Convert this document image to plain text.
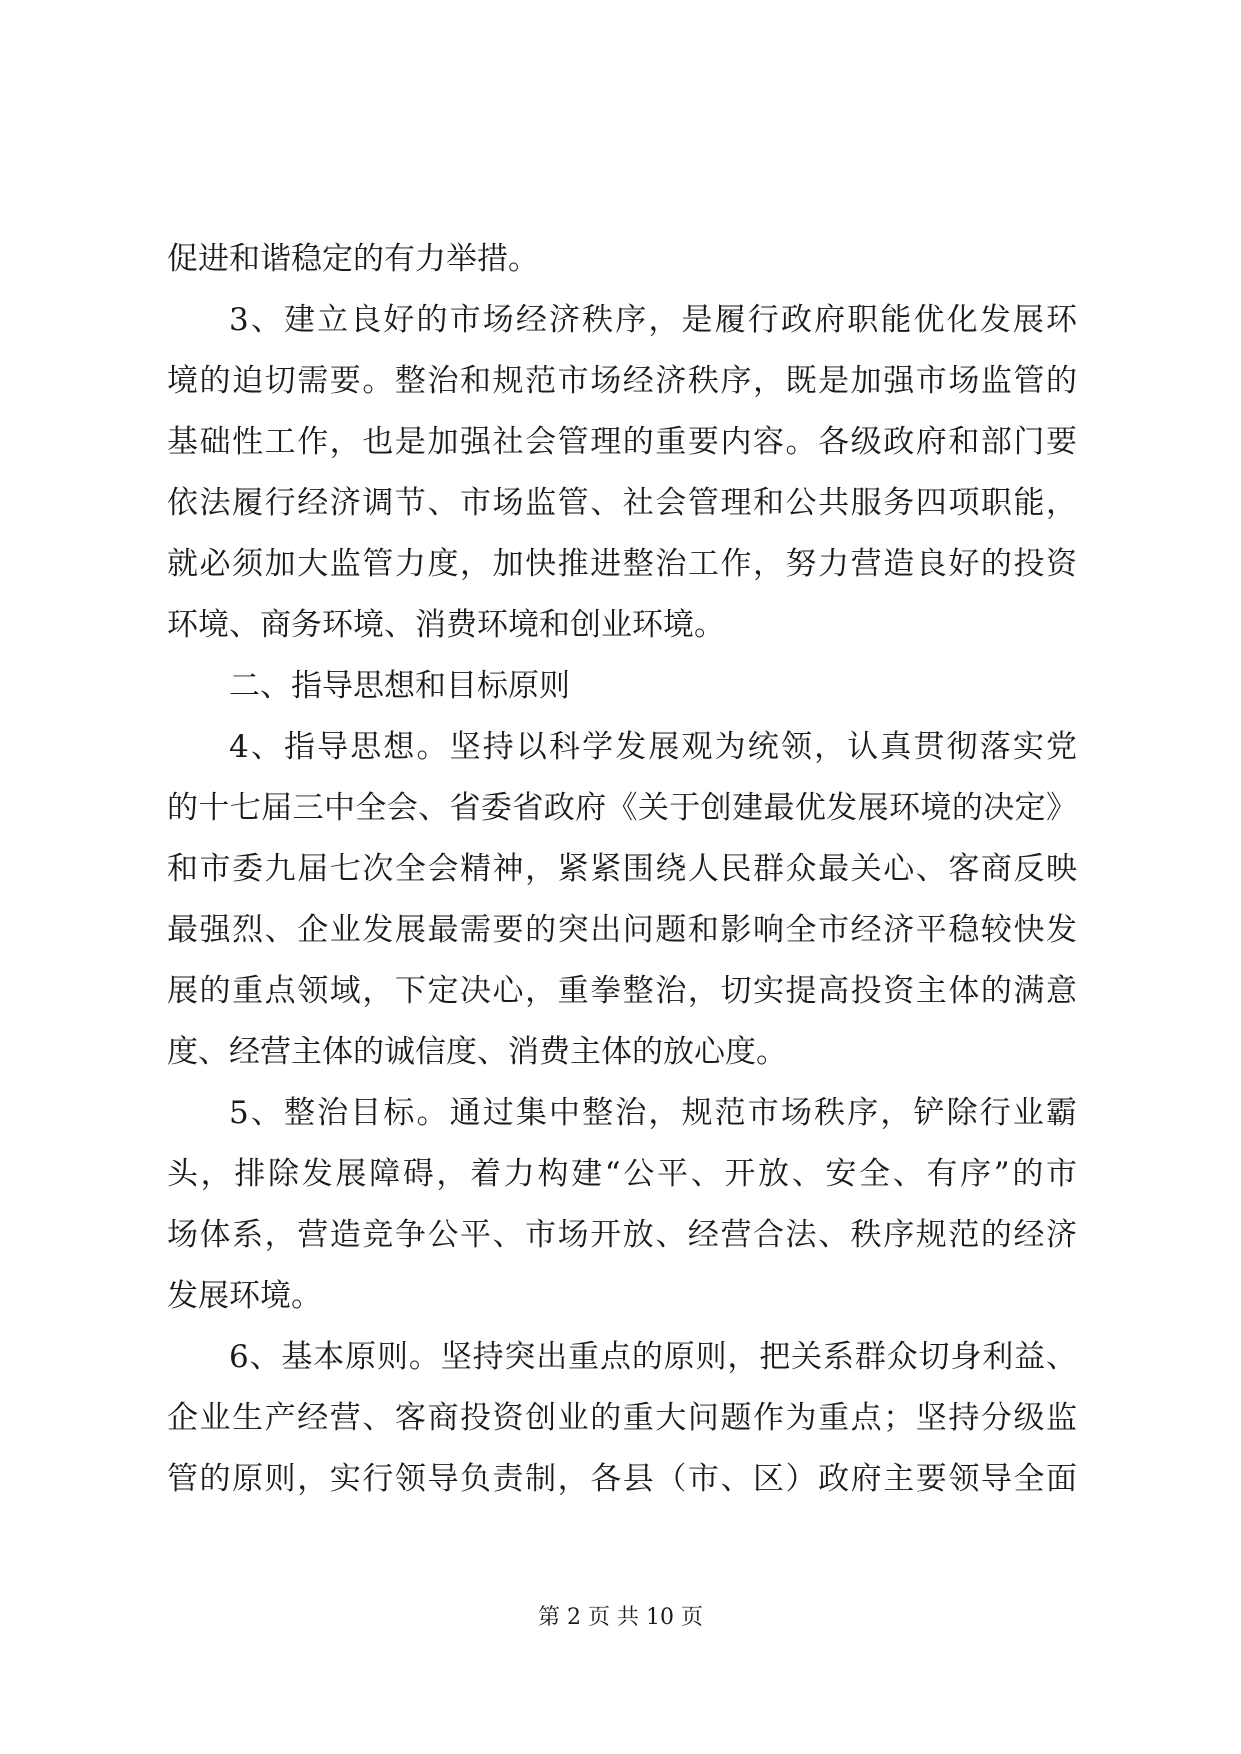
促进和谐稳定的有力举措。
3、建立良好的市场经济秩序，是履行政府职能优化发展环
境的迫切需要。整治和规范市场经济秩序，既是加强市场监管的
基础性工作，也是加强社会管理的重要内容。各级政府和部门要
依法履行经济调节、市场监管、社会管理和公共服务四项职能，
就必须加大监管力度，加快推进整治工作，努力营造良好的投资
环境、商务环境、消费环境和创业环境。
二、指导思想和目标原则
4、指导思想。坚持以科学发展观为统领，认真贯彻落实党
的十七届三中全会、省委省政府《关于创建最优发展环境的决定》
和市委九届七次全会精神，紧紧围绕人民群众最关心、客商反映
最强烈、企业发展最需要的突出问题和影响全市经济平稳较快发
展的重点领域，下定决心，重拳整治，切实提高投资主体的满意
度、经营主体的诚信度、消费主体的放心度。
5、整治目标。通过集中整治，规范市场秩序，铲除行业霸
头，排除发展障碍，着力构建“公平、开放、安全、有序”的市
场体系，营造竞争公平、市场开放、经营合法、秩序规范的经济
发展环境。
6、基本原则。坚持突出重点的原则，把关系群众切身利益、
企业生产经营、客商投资创业的重大问题作为重点；坚持分级监
管的原则，实行领导负责制，各县（市、区）政府主要领导全面
第 2 页 共 10 页
